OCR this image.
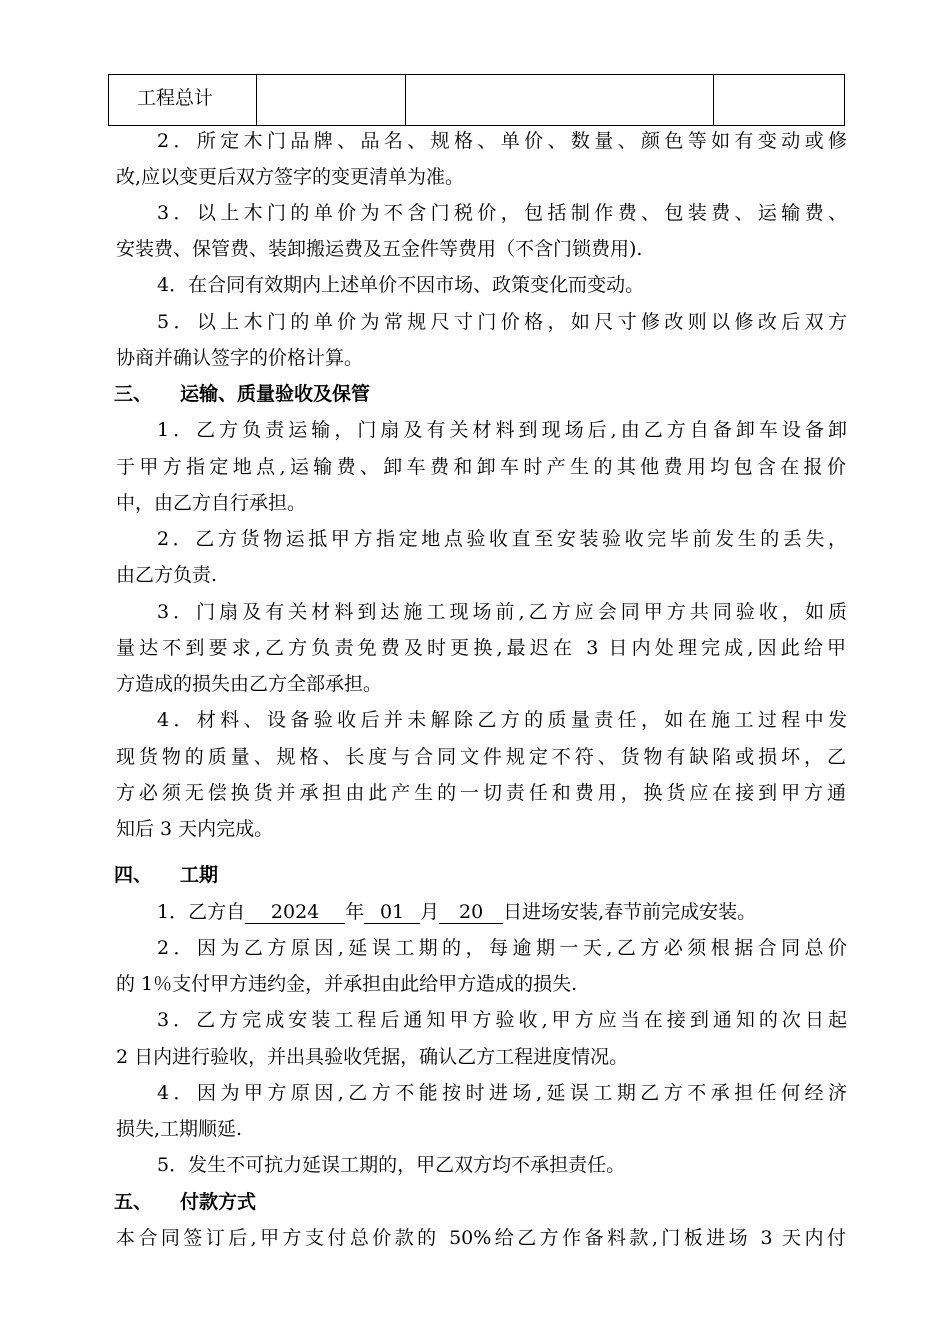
工程总计			
2．所定木门品牌、品名、规格、单价、数量、颜色等如有变动或修
改,应以变更后双方签字的变更清单为准。
3．以上木门的单价为不含门税价，包括制作费、包装费、运输费、
安装费、保管费、装卸搬运费及五金件等费用（不含门锁费用).
4．在合同有效期内上述单价不因市场、政策变化而变动。
5．以上木门的单价为常规尺寸门价格，如尺寸修改则以修改后双方
协商并确认签字的价格计算。
三、 运输、质量验收及保管
1．乙方负责运输，门扇及有关材料到现场后,由乙方自备卸车设备卸
于甲方指定地点,运输费、卸车费和卸车时产生的其他费用均包含在报价
中，由乙方自行承担。
2．乙方货物运抵甲方指定地点验收直至安装验收完毕前发生的丢失，
由乙方负责.
3．门扇及有关材料到达施工现场前,乙方应会同甲方共同验收，如质
量达不到要求,乙方负责免费及时更换,最迟在 3 日内处理完成,因此给甲
方造成的损失由乙方全部承担。
4．材料、设备验收后并未解除乙方的质量责任，如在施工过程中发
现货物的质量、规格、长度与合同文件规定不符、货物有缺陷或损坏，乙
方必须无偿换货并承担由此产生的一切责任和费用，换货应在接到甲方通
知后 3 天内完成。
四、 工期
1．乙方自 2024 年 01 月 20 日进场安装,春节前完成安装。
2．因为乙方原因,延误工期的，每逾期一天,乙方必须根据合同总价
的 1％支付甲方违约金，并承担由此给甲方造成的损失.
3．乙方完成安装工程后通知甲方验收,甲方应当在接到通知的次日起
2 日内进行验收，并出具验收凭据，确认乙方工程进度情况。
4．因为甲方原因,乙方不能按时进场,延误工期乙方不承担任何经济
损失,工期顺延.
5．发生不可抗力延误工期的，甲乙双方均不承担责任。
五、 付款方式
本合同签订后,甲方支付总价款的 50%给乙方作备料款,门板进场 3 天内付
